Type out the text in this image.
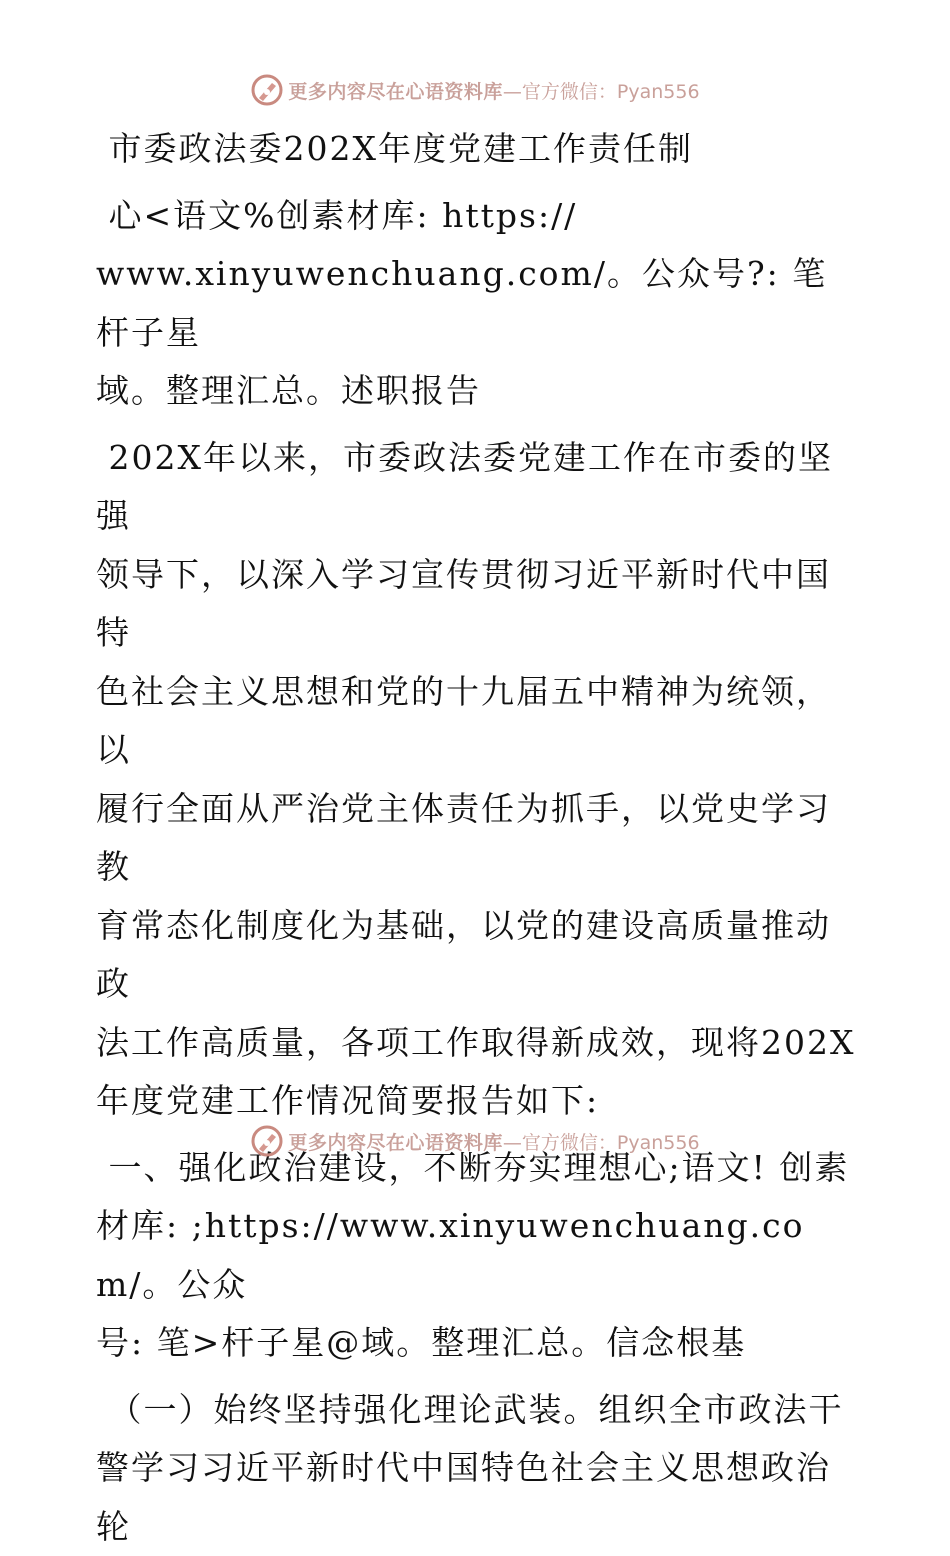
更多内容尽在心语资料库 —官方微信：Pyan556

市委政法委202X年度党建工作责任制

心<语文%创素材库: https://
www.xinyuwenchuang.com/。公众号?: 笔杆子星
域。整理汇总。述职报告

202X年以来，市委政法委党建工作在市委的坚强
领导下，以深入学习宣传贯彻习近平新时代中国特
色社会主义思想和党的十九届五中精神为统领，以
履行全面从严治党主体责任为抓手，以党史学习教
育常态化制度化为基础，以党的建设高质量推动政
法工作高质量，各项工作取得新成效，现将202X
年度党建工作情况简要报告如下:

一、强化政治建设，不断夯实理想心;语文! 创素
材库: ;https://www.xinyuwenchuang.com/。公众
号: 笔>杆子星@域。整理汇总。信念根基

（一）始终坚持强化理论武装。组织全市政法干
警学习习近平新时代中国特色社会主义思想政治轮

更多内容尽在心语资料库 —官方微信：Pyan556
